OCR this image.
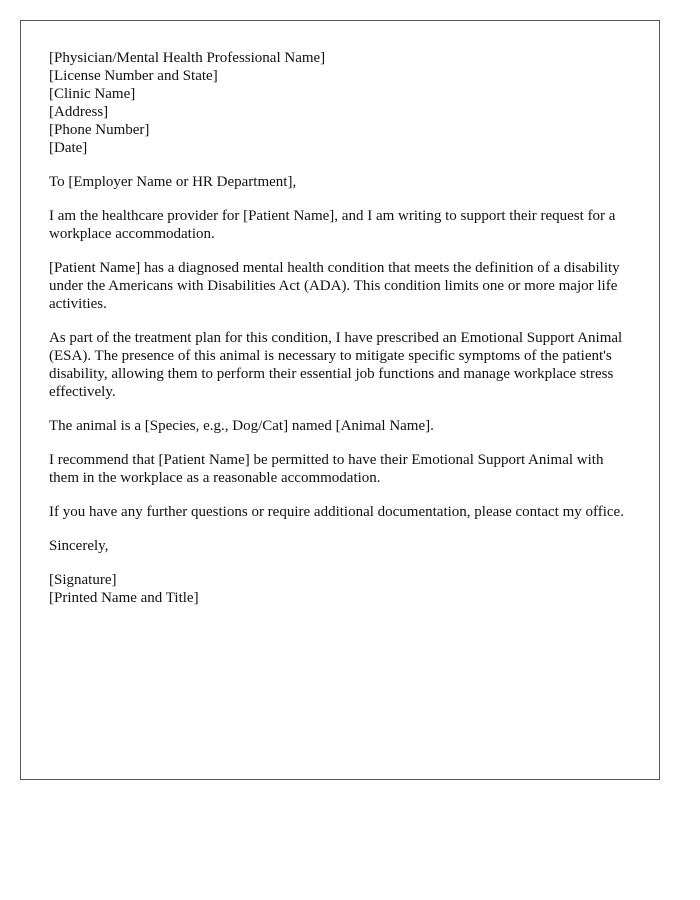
[Physician/Mental Health Professional Name]
[License Number and State]
[Clinic Name]
[Address]
[Phone Number]
[Date]

To [Employer Name or HR Department],

I am the healthcare provider for [Patient Name], and I am writing to support their request for a workplace accommodation.

[Patient Name] has a diagnosed mental health condition that meets the definition of a disability under the Americans with Disabilities Act (ADA). This condition limits one or more major life activities.

As part of the treatment plan for this condition, I have prescribed an Emotional Support Animal (ESA). The presence of this animal is necessary to mitigate specific symptoms of the patient's disability, allowing them to perform their essential job functions and manage workplace stress effectively.

The animal is a [Species, e.g., Dog/Cat] named [Animal Name].

I recommend that [Patient Name] be permitted to have their Emotional Support Animal with them in the workplace as a reasonable accommodation.

If you have any further questions or require additional documentation, please contact my office.

Sincerely,

[Signature]
[Printed Name and Title]
